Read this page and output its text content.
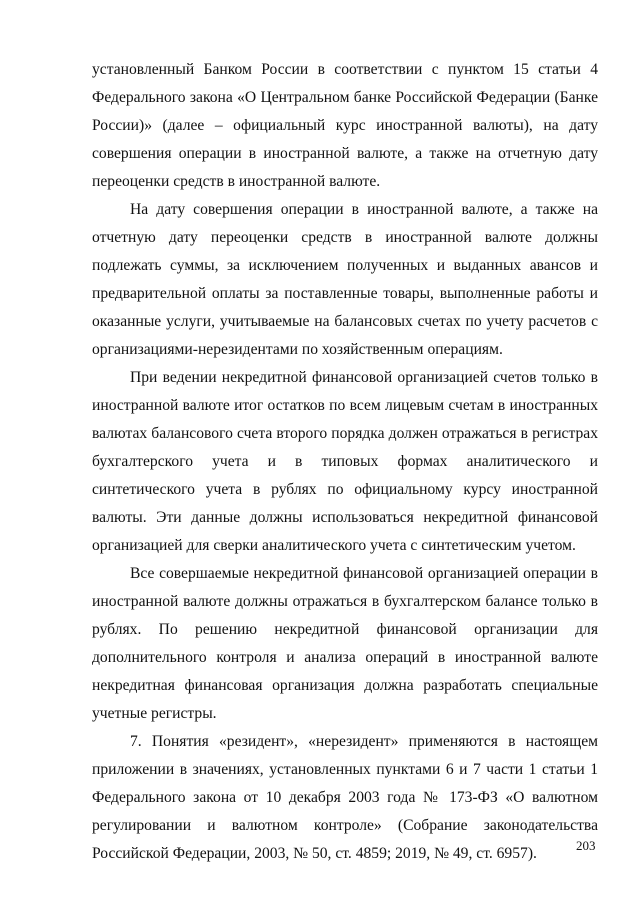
установленный Банком России в соответствии с пунктом 15 статьи 4 Федерального закона «О Центральном банке Российской Федерации (Банке России)» (далее – официальный курс иностранной валюты), на дату совершения операции в иностранной валюте, а также на отчетную дату переоценки средств в иностранной валюте.

На дату совершения операции в иностранной валюте, а также на отчетную дату переоценки средств в иностранной валюте должны подлежать суммы, за исключением полученных и выданных авансов и предварительной оплаты за поставленные товары, выполненные работы и оказанные услуги, учитываемые на балансовых счетах по учету расчетов с организациями-нерезидентами по хозяйственным операциям.

При ведении некредитной финансовой организацией счетов только в иностранной валюте итог остатков по всем лицевым счетам в иностранных валютах балансового счета второго порядка должен отражаться в регистрах бухгалтерского учета и в типовых формах аналитического и синтетического учета в рублях по официальному курсу иностранной валюты. Эти данные должны использоваться некредитной финансовой организацией для сверки аналитического учета с синтетическим учетом.

Все совершаемые некредитной финансовой организацией операции в иностранной валюте должны отражаться в бухгалтерском балансе только в рублях. По решению некредитной финансовой организации для дополнительного контроля и анализа операций в иностранной валюте некредитная финансовая организация должна разработать специальные учетные регистры.

7. Понятия «резидент», «нерезидент» применяются в настоящем приложении в значениях, установленных пунктами 6 и 7 части 1 статьи 1 Федерального закона от 10 декабря 2003 года № 173-ФЗ «О валютном регулировании и валютном контроле» (Собрание законодательства Российской Федерации, 2003, № 50, ст. 4859; 2019, № 49, ст. 6957).	203
